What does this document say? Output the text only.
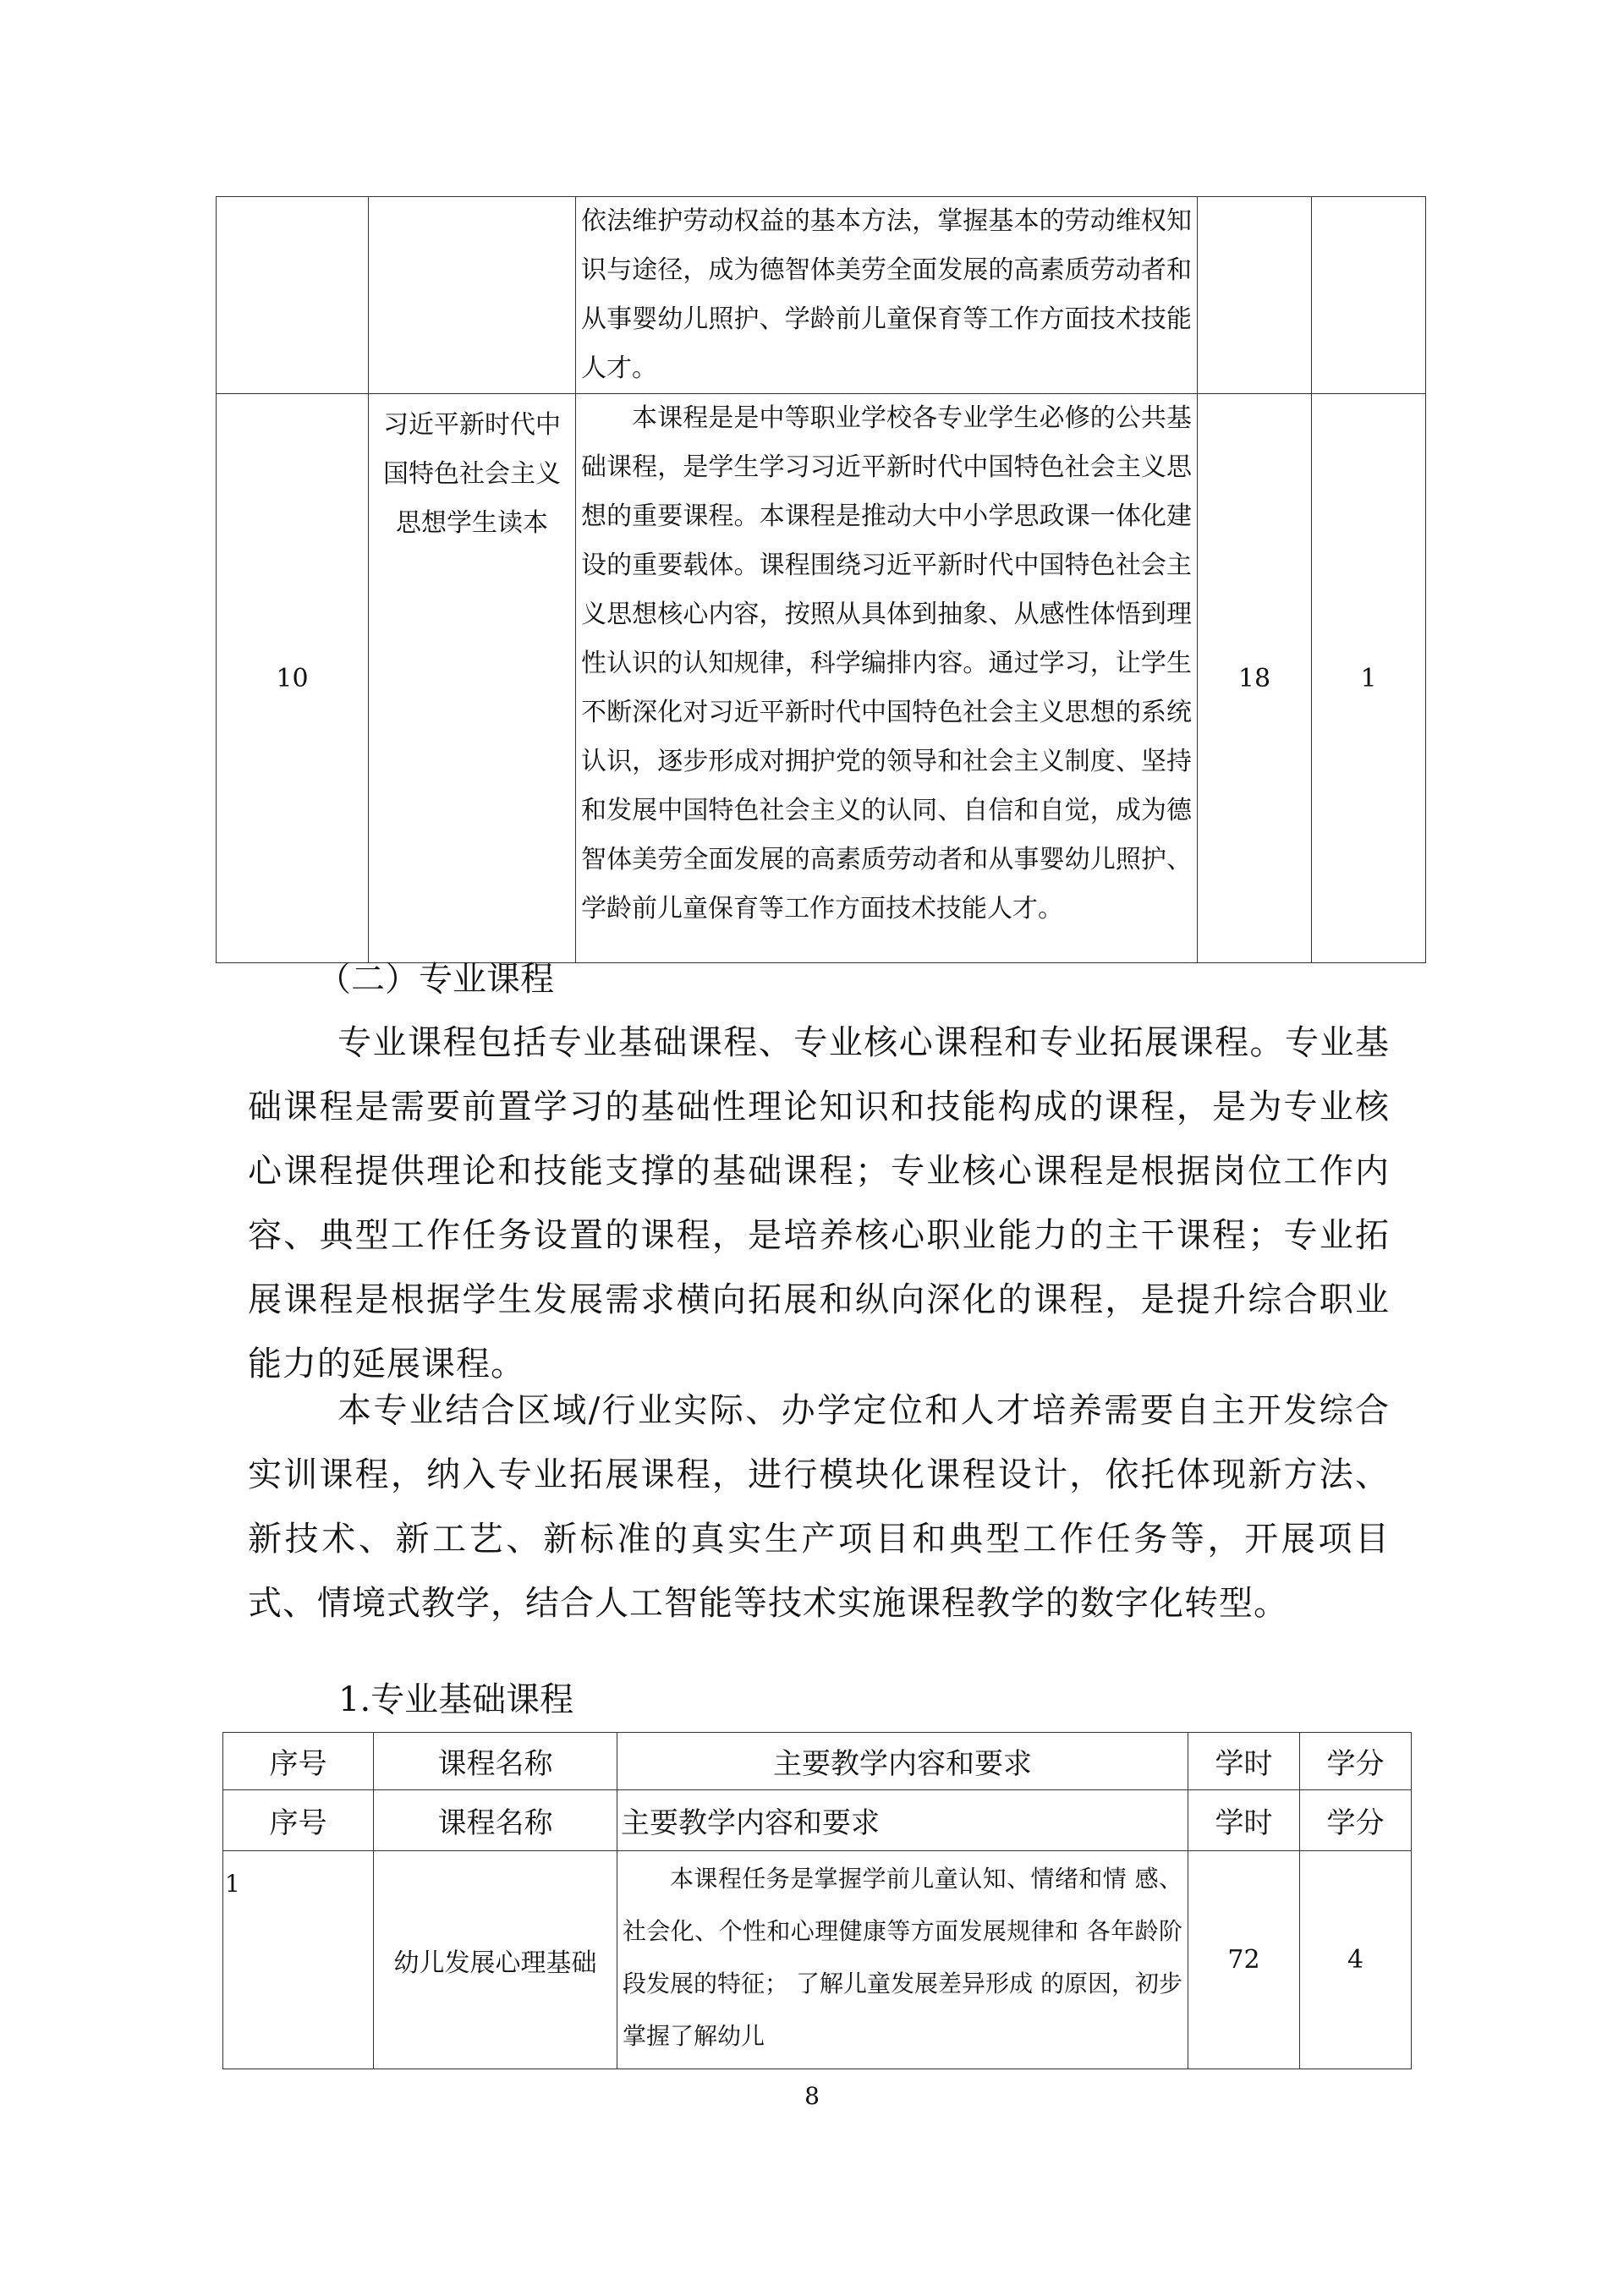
		依法维护劳动权益的基本方法，掌握基本的劳动维权知识与途径，成为德智体美劳全面发展的高素质劳动者和从事婴幼儿照护、学龄前儿童保育等工作方面技术技能人才。		

10	习近平新时代中国特色社会主义思想学生读本	本课程是是中等职业学校各专业学生必修的公共基础课程，是学生学习习近平新时代中国特色社会主义思想的重要课程。本课程是推动大中小学思政课一体化建设的重要载体。课程围绕习近平新时代中国特色社会主义思想核心内容，按照从具体到抽象、从感性体悟到理性认识的认知规律，科学编排内容。通过学习，让学生不断深化对习近平新时代中国特色社会主义思想的系统认识，逐步形成对拥护党的领导和社会主义制度、坚持和发展中国特色社会主义的认同、自信和自觉，成为德智体美劳全面发展的高素质劳动者和从事婴幼儿照护、学龄前儿童保育等工作方面技术技能人才。	18	1
（二）专业课程

专业课程包括专业基础课程、专业核心课程和专业拓展课程。专业基础课程是需要前置学习的基础性理论知识和技能构成的课程，是为专业核心课程提供理论和技能支撑的基础课程；专业核心课程是根据岗位工作内容、典型工作任务设置的课程，是培养核心职业能力的主干课程；专业拓展课程是根据学生发展需求横向拓展和纵向深化的课程，是提升综合职业能力的延展课程。

本专业结合区域/行业实际、办学定位和人才培养需要自主开发综合实训课程，纳入专业拓展课程，进行模块化课程设计，依托体现新方法、新技术、新工艺、新标准的真实生产项目和典型工作任务等，开展项目式、情境式教学，结合人工智能等技术实施课程教学的数字化转型。

1.专业基础课程
序号	课程名称	主要教学内容和要求	学时	学分
序号	课程名称	主要教学内容和要求	学时	学分
1	幼儿发展心理基础	本课程任务是掌握学前儿童认知、情绪和情 感、社会化、个性和心理健康等方面发展规律和 各年龄阶段发展的特征； 了解儿童发展差异形成 的原因，初步掌握了解幼儿	72	4
8
